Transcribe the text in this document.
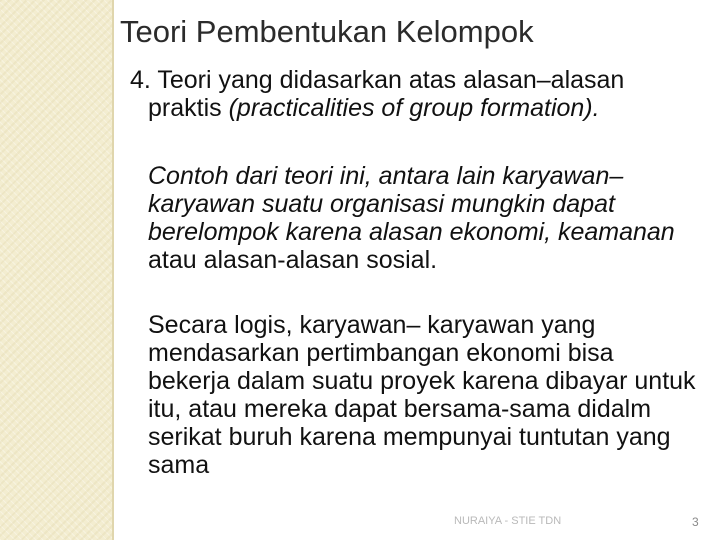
Teori Pembentukan Kelompok

4. Teori yang didasarkan atas alasan–alasan praktis (practicalities of group formation).

Contoh dari teori ini, antara lain karyawan–karyawan suatu organisasi mungkin dapat berelompok karena alasan ekonomi, keamanan atau alasan-alasan sosial.

Secara logis, karyawan– karyawan yang mendasarkan pertimbangan ekonomi bisa bekerja dalam suatu proyek karena dibayar untuk itu, atau mereka dapat bersama-sama didalm serikat buruh karena mempunyai tuntutan yang sama

NURAIYA - STIE TDN	3
